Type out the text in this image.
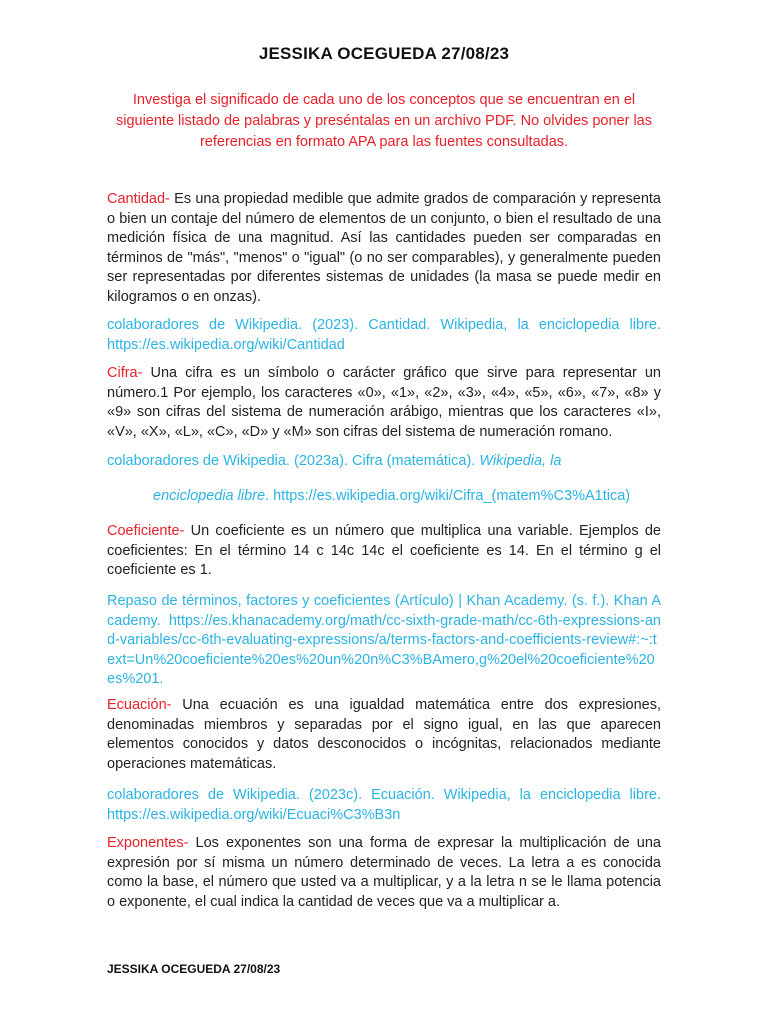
JESSIKA OCEGUEDA 27/08/23
Investiga el significado de cada uno de los conceptos que se encuentran en el siguiente listado de palabras y preséntalas en un archivo PDF. No olvides poner las referencias en formato APA para las fuentes consultadas.
Cantidad- Es una propiedad medible que admite grados de comparación y representa o bien un contaje del número de elementos de un conjunto, o bien el resultado de una medición física de una magnitud. Así las cantidades pueden ser comparadas en términos de "más", "menos" o "igual" (o no ser comparables), y generalmente pueden ser representadas por diferentes sistemas de unidades (la masa se puede medir en kilogramos o en onzas).
colaboradores de Wikipedia. (2023). Cantidad. Wikipedia, la enciclopedia libre. https://es.wikipedia.org/wiki/Cantidad
Cifra- Una cifra es un símbolo o carácter gráfico que sirve para representar un número.1 Por ejemplo, los caracteres «0», «1», «2», «3», «4», «5», «6», «7», «8» y «9» son cifras del sistema de numeración arábigo, mientras que los caracteres «I», «V», «X», «L», «C», «D» y «M» son cifras del sistema de numeración romano.
colaboradores de Wikipedia. (2023a). Cifra (matemática). Wikipedia, la
enciclopedia libre. https://es.wikipedia.org/wiki/Cifra_(matem%C3%A1tica)
Coeficiente- Un coeficiente es un número que multiplica una variable. Ejemplos de coeficientes: En el término 14 c 14c 14c el coeficiente es 14. En el término g el coeficiente es 1.
Repaso de términos, factores y coeficientes (Artículo) | Khan Academy. (s. f.). Khan Academy. https://es.khanacademy.org/math/cc-sixth-grade-math/cc-6th-expressions-and-variables/cc-6th-evaluating-expressions/a/terms-factors-and-coefficients-review#:~:text=Un%20coeficiente%20es%20un%20n%C3%BAmero,g%20el%20coeficiente%20es%201.
Ecuación- Una ecuación es una igualdad matemática entre dos expresiones, denominadas miembros y separadas por el signo igual, en las que aparecen elementos conocidos y datos desconocidos o incógnitas, relacionados mediante operaciones matemáticas.
colaboradores de Wikipedia. (2023c). Ecuación. Wikipedia, la enciclopedia libre. https://es.wikipedia.org/wiki/Ecuaci%C3%B3n
Exponentes- Los exponentes son una forma de expresar la multiplicación de una expresión por sí misma un número determinado de veces. La letra a es conocida como la base, el número que usted va a multiplicar, y a la letra n se le llama potencia o exponente, el cual indica la cantidad de veces que va a multiplicar a.
JESSIKA OCEGUEDA 27/08/23
